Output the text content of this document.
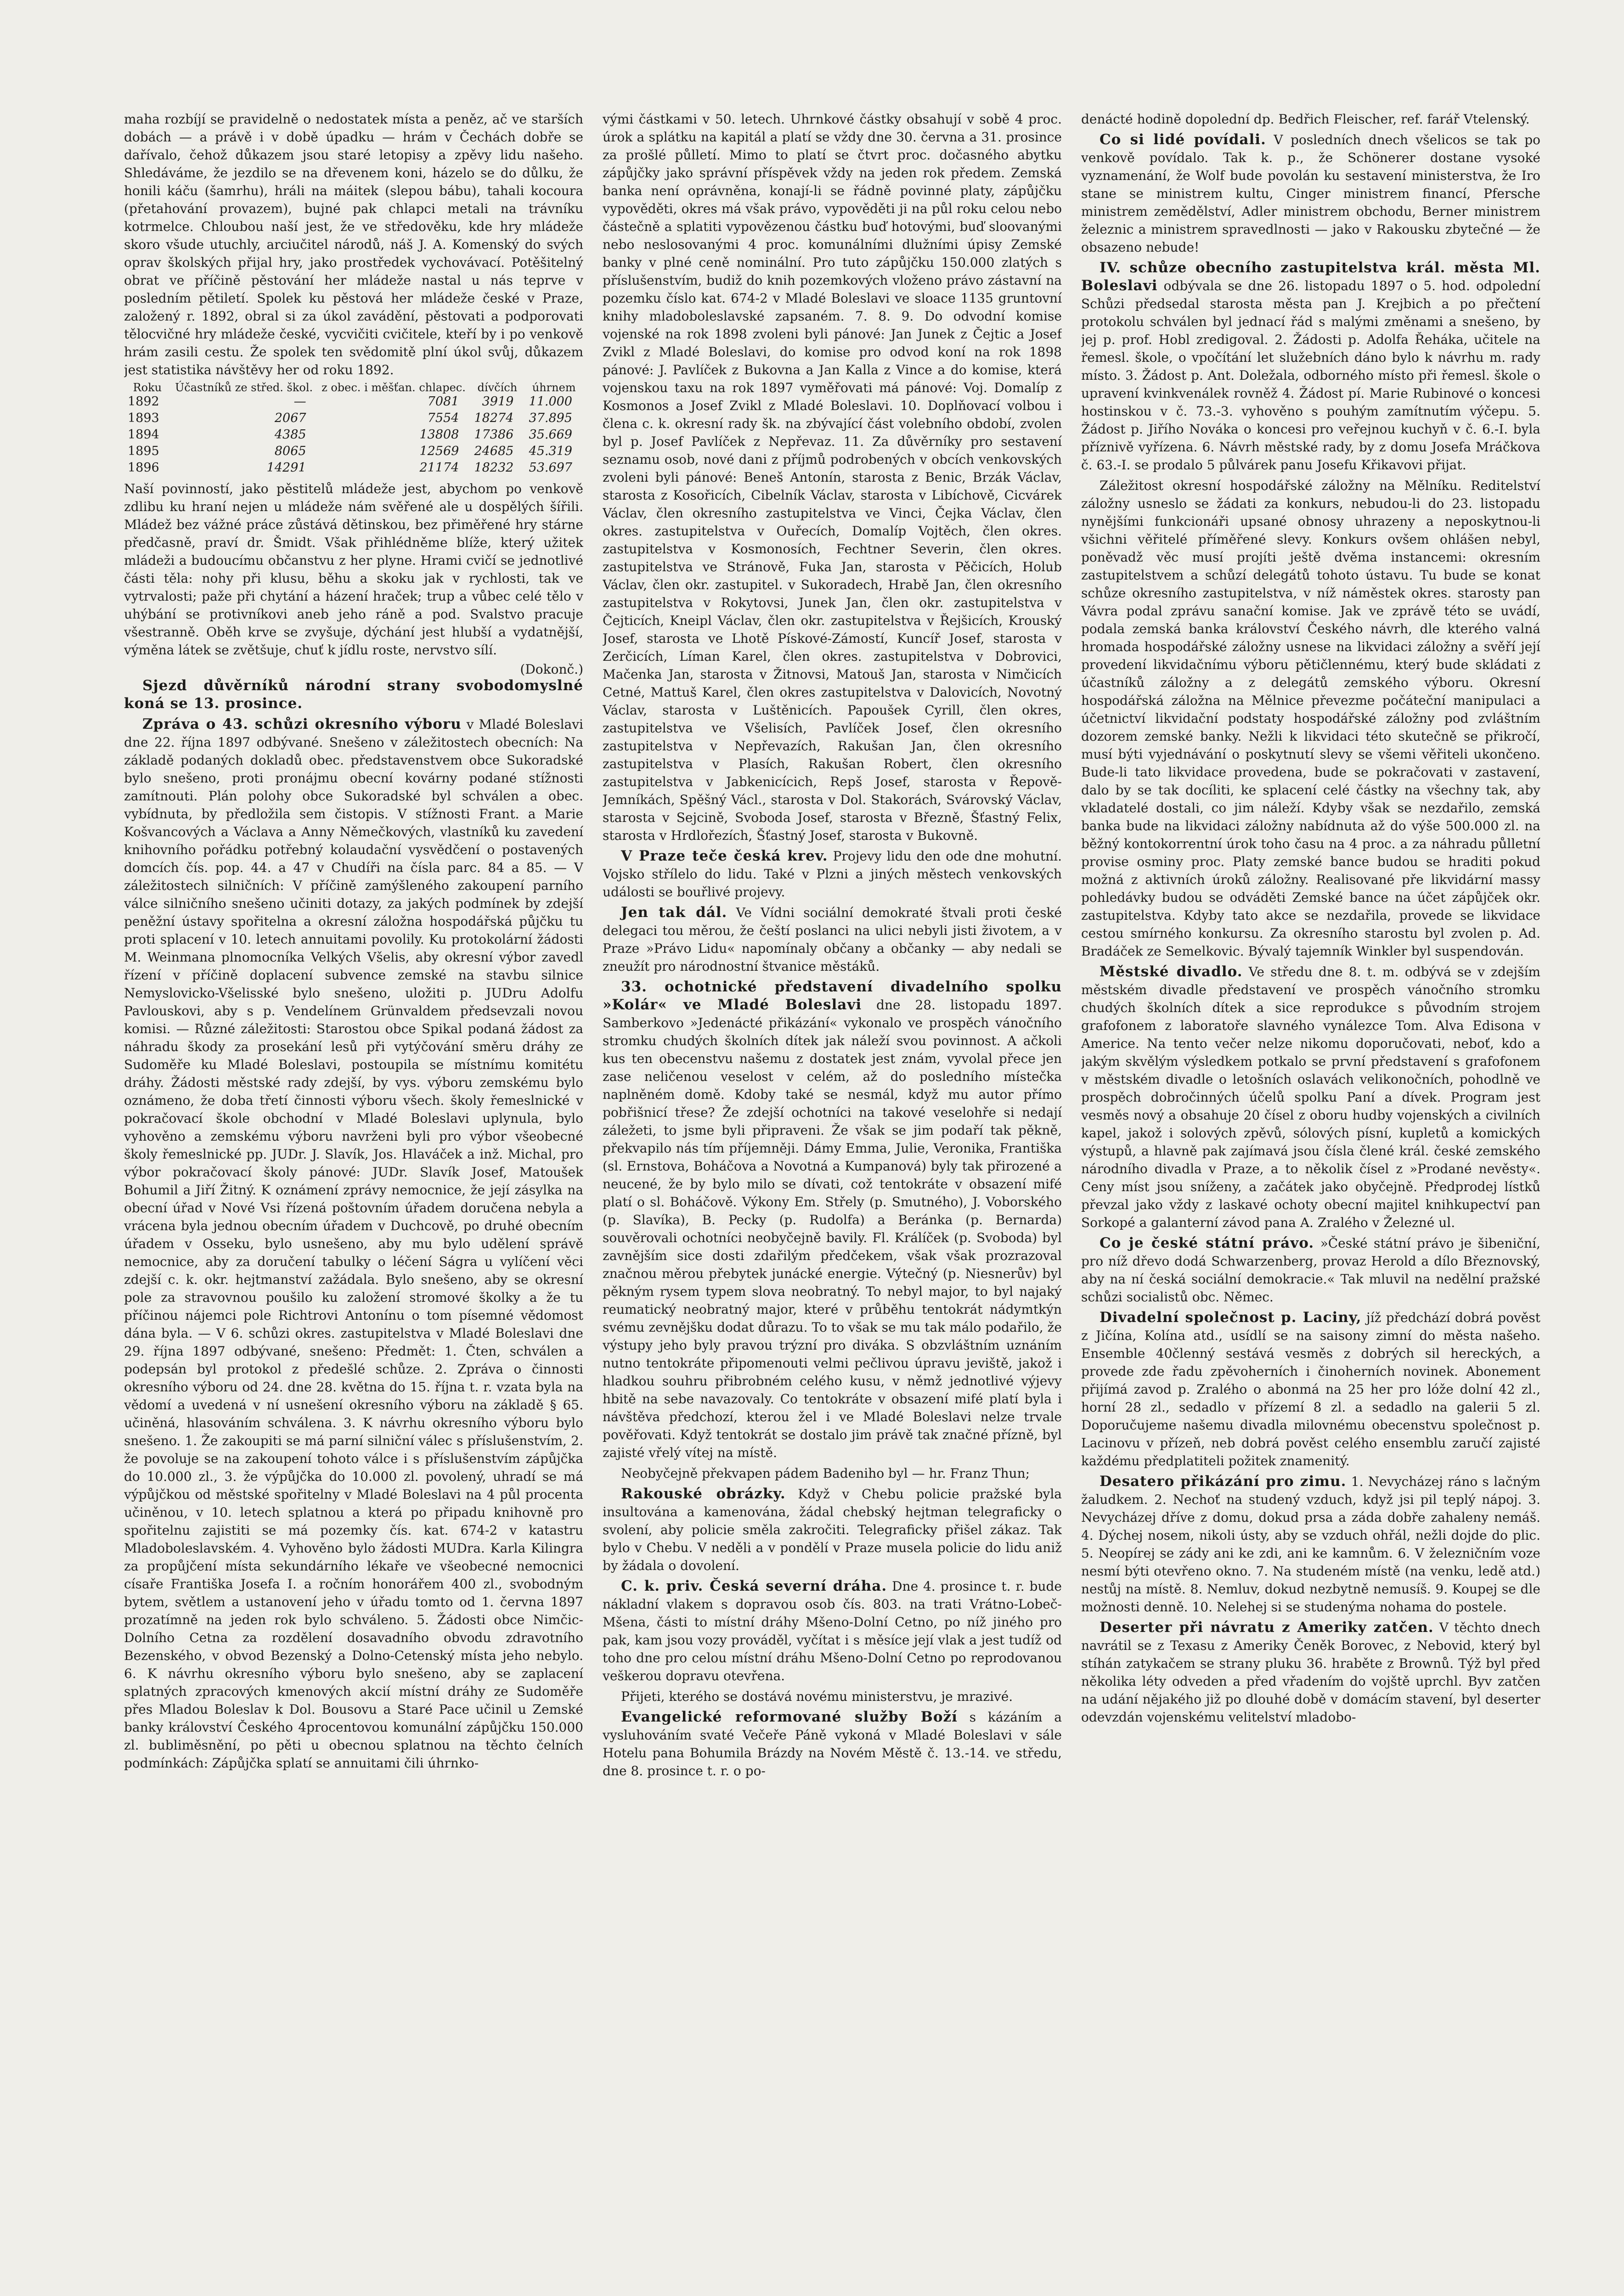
maha rozbíjí se pravidelně o nedostatek místa a peněz, ač ve starších dobách — a právě i v době úpadku — hrám v Čechách dobře se dařívalo, čehož důkazem jsou staré letopisy a zpěvy lidu našeho. Shledáváme, že jezdilo se na dřevenem koni, házelo se do důlku, že honili káču (šamrhu), hráli na máitek (slepou bábu), tahali kocoura (přetahování provazem), bujné pak chlapci metali na trávníku kotrmelce. Chloubou naší jest, že ve středověku, kde hry mládeže skoro všude utuchly, arciučitel národů, náš J. A. Komenský do svých oprav školských přijal hry, jako prostředek vychovávací. Potěšitelný obrat ve příčině pěstování her mládeže nastal u nás teprve v posledním pětiletí. Spolek ku pěstová her mládeže české v Praze, založený r. 1892, obral si za úkol zavádění, pěstovati a podporovati tělocvičné hry mládeže české, vycvičiti cvičitele, kteří by i po venkově hrám zasili cestu. Že spolek ten svědomitě plní úkol svůj, důkazem jest statistika návštěvy her od roku 1892.

Roku	Účastníků ze střed. škol.	z obec. i měšťan. chlapec.	dívčích	úhrnem
1892	—	7081	3919	11.000
1893	2067	7554	18274	37.895
1894	4385	13808	17386	35.669
1895	8065	12569	24685	45.319
1896	14291	21174	18232	53.697

Naší povinností, jako pěstitelů mládeže jest, abychom po venkově zdlibu ku hraní nejen u mládeže nám svěřené ale u dospělých šířili. Mládež bez vážné práce zůstává dětinskou, bez přiměřené hry stárne předčasně, praví dr. Šmidt. Však přihlédněme blíže, který užitek mládeži a budoucímu občanstvu z her plyne. Hrami cvičí se jednotlivé části těla: nohy při klusu, běhu a skoku jak v rychlosti, tak ve vytrvalosti; paže při chytání a házení hraček; trup a vůbec celé tělo v uhýbání se protivníkovi aneb jeho ráně a pod. Svalstvo pracuje všestranně. Oběh krve se zvyšuje, dýchání jest hlubší a vydatnější, výměna látek se zvětšuje, chuť k jídlu roste, nervstvo sílí.

(Dokonč.)

Sjezd důvěrníků národní strany svobodomyslné koná se 13. prosince.

Zpráva o 43. schůzi okresního výboru v Mladé Boleslavi dne 22. října 1897 odbývané. Snešeno v záležitostech obecních: Na základě podaných dokladů obec. představenstvem obce Sukoradské bylo snešeno, proti pronájmu obecní kovárny podané stížnosti zamítnouti. Plán polohy obce Sukoradské byl schválen a obec. vybídnuta, by předložila sem čistopis. V stížnosti Frant. a Marie Košvancových a Václava a Anny Němečkových, vlastníků ku zavedení knihovního pořádku potřebný kolaudační vysvědčení o postavených domcích čís. pop. 44. a 47 v Chudíři na čísla parc. 84 a 85. — V záležitostech silničních: V příčině zamýšleného zakoupení parního válce silničního snešeno učiniti dotazy, za jakých podmínek by zdejší peněžní ústavy spořitelna a okresní záložna hospodářská půjčku tu proti splacení v 10. letech annuitami povolily. Ku protokolární žádosti M. Weinmana plnomocníka Velkých Všelis, aby okresní výbor zavedl řízení v příčině doplacení subvence zemské na stavbu silnice Nemyslovicko-Všelisské bylo snešeno, uložiti p. JUDru Adolfu Pavlouskovi, aby s p. Vendelínem Grünvaldem předsevzali novou komisi. — Různé záležitosti: Starostou obce Spikal podaná žádost za náhradu škody za prosekání lesů při vytýčování směru dráhy ze Sudoměře ku Mladé Boleslavi, postoupila se místnímu komitétu dráhy. Žádosti městské rady zdejší, by vys. výboru zemskému bylo oznámeno, že doba třetí činnosti výboru všech. školy řemeslnické v pokračovací škole obchodní v Mladé Boleslavi uplynula, bylo vyhověno a zemskému výboru navrženi byli pro výbor všeobecné školy řemeslnické pp. JUDr. J. Slavík, Jos. Hlaváček a inž. Michal, pro výbor pokračovací školy pánové: JUDr. Slavík Josef, Matoušek Bohumil a Jiří Žitný. K oznámení zprávy nemocnice, že její zásylka na obecní úřad v Nové Vsi řízená poštovním úřadem doručena nebyla a vrácena byla jednou obecním úřadem v Duchcově, po druhé obecním úřadem v Osseku, bylo usnešeno, aby mu bylo udělení správě nemocnice, aby za doručení tabulky o léčení Ságra u vylíčení věci zdejší c. k. okr. hejtmanství zažádala. Bylo snešeno, aby se okresní pole za stravovnou poušilo ku založení stromové školky a že tu příčinou nájemci pole Richtrovi Antonínu o tom písemné vědomost dána byla. — V 6. schůzi okres. zastupitelstva v Mladé Boleslavi dne 29. října 1897 odbývané, snešeno: Předmět: 1. Čten, schválen a podepsán byl protokol z předešlé schůze. 2. Zpráva o činnosti okresního výboru od 24. dne 28. května do 15. října t. r. vzata byla na vědomí a uvedená v ní usnešení okresního výboru na základě § 65. učiněná, hlasováním schválena. 3. K návrhu okresního výboru bylo snešeno. 1. Že zakoupiti se má parní silniční válec s příslušenstvím, 2. že povoluje se na zakoupení tohoto válce i s příslušenstvím zápůjčka do 10.000 zl., 3. že výpůjčka do 10.000 zl. povolený, uhradí se má výpůjčkou od městské spořitelny v Mladé Boleslavi na 4 půl procenta učiněnou, v 10. letech splatnou a která po připadu knihovně pro spořitelnu zajistiti se má pozemky čís. kat. 674-2 v katastru Mladoboleslavském. 4. Vyhověno bylo žádosti MUDra. Karla Kilingra za propůjčení místa sekundárního lékaře ve všeobecné nemocnici císaře Františka Josefa I. a ročním honorářem 400 zl., svobodným bytem, světlem a ustanovení jeho v úřadu tomto od 1. června 1897 prozatímně na jeden rok bylo schváleno. 5. Žádosti obce Nimčic-Dolního Cetna za rozdělení dosavadního obvodu zdravotního Bezenského, v obvod Bezenský a Dolno-Cetenský místa jeho nebylo. 6. K návrhu okresního výboru bylo snešeno, aby se zaplacení splatných zpracových kmenových akcií místní dráhy ze Sudoměře přes Mladou Boleslav k Dol. Bousovu a Staré Pace učinil u Zemské banky království Českého 4procentovou komunální zápůjčku 150.000 zl. bubliměsnění, po pěti u obecnou splatnou na těchto čelních podmínkách: Zápůjčka splatí se annuitami čili úhrnko-

vými částkami v 50. letech. Uhrnkové částky obsahují v sobě 4 proc. úrok a splátku na kapitál a platí se vždy dne 30. června a 31. prosince za prošlé půlletí. Mimo to platí se čtvrt proc. dočasného abytku zápůjčky jako správní příspěvek vždy na jeden rok předem. Zemská banka není oprávněna, konají-li se řádně povinné platy, zápůjčku vypověděti, okres má však právo, vypověděti ji na půl roku celou nebo částečně a splatiti vypovězenou částku buď hotovými, buď sloovanými nebo neslosovanými 4 proc. komunálními dlužními úpisy Zemské banky v plné ceně nominální. Pro tuto zápůjčku 150.000 zlatých s příslušenstvím, budiž do knih pozemkových vloženo právo zástavní na pozemku číslo kat. 674-2 v Mladé Boleslavi ve sloace 1135 gruntovní knihy mladoboleslavské zapsaném. 7. 8. 9. Do odvodní komise vojenské na rok 1898 zvoleni byli pánové: Jan Junek z Čejtic a Josef Zvikl z Mladé Boleslavi, do komise pro odvod koní na rok 1898 pánové: J. Pavlíček z Bukovna a Jan Kalla z Vince a do komise, která vojenskou taxu na rok 1897 vyměřovati má pánové: Voj. Domalíp z Kosmonos a Josef Zvikl z Mladé Boleslavi. 10. Doplňovací volbou i člena c. k. okresní rady šk. na zbývající část volebního období, zvolen byl p. Josef Pavlíček z Nepřevaz. 11. Za důvěrníky pro sestavení seznamu osob, nové dani z příjmů podrobených v obcích venkovských zvoleni byli pánové: Beneš Antonín, starosta z Benic, Brzák Václav, starosta z Kosořicích, Cibelník Václav, starosta v Libíchově, Cicvárek Václav, člen okresního zastupitelstva ve Vinci, Čejka Václav, člen okres. zastupitelstva v Ouřecích, Domalíp Vojtěch, člen okres. zastupitelstva v Kosmonosích, Fechtner Severin, člen okres. zastupitelstva ve Stránově, Fuka Jan, starosta v Pěčicích, Holub Václav, člen okr. zastupitel. v Sukoradech, Hrabě Jan, člen okresního zastupitelstva v Rokytovsi, Junek Jan, člen okr. zastupitelstva v Čejticích, Kneipl Václav, člen okr. zastupitelstva v Řejšicích, Krouský Josef, starosta ve Lhotě Pískové-Zámostí, Kuncíř Josef, starosta v Zerčicích, Líman Karel, člen okres. zastupitelstva v Dobrovici, Mačenka Jan, starosta v Žitnovsi, Matouš Jan, starosta v Nimčicích Cetné, Mattuš Karel, člen okres zastupitelstva v Dalovicích, Novotný Václav, starosta v Luštěnicích. Papoušek Cyrill, člen okres, zastupitelstva ve Všelisích, Pavlíček Josef, člen okresního zastupitelstva v Nepřevazích, Rakušan Jan, člen okresního zastupitelstva v Plasích, Rakušan Robert, člen okresního zastupitelstva v Jabkenicícich, Repš Josef, starosta v Řepově-Jemníkách, Spěšný Václ., starosta v Dol. Stakorách, Svárovský Václav, starosta v Sejcině, Svoboda Josef, starosta v Březně, Šťastný Felix, starosta v Hrdlořezích, Šťastný Josef, starosta v Bukovně.

V Praze teče česká krev. Projevy lidu den ode dne mohutní. Vojsko střílelo do lidu. Také v Plzni a jiných městech venkovských události se bouřlivé projevy.

Jen tak dál. Ve Vídni sociální demokraté štvali proti české delegaci tou měrou, že čeští poslanci na ulici nebyli jisti životem, a v Praze »Právo Lidu« napomínaly občany a občanky — aby nedali se zneužít pro národnostní štvanice městáků.

33. ochotnické představení divadelního spolku »Kolár« ve Mladé Boleslavi dne 28. listopadu 1897. Samberkovo »Jedenácté přikázání« vykonalo ve prospěch vánočního stromku chudých školních dítek jak náleží svou povinnost. A ačkoli kus ten obecenstvu našemu z dostatek jest znám, vyvolal přece jen zase neličenou veselost v celém, až do posledního místečka naplněném domě. Kdoby také se nesmál, když mu autor přímo pobřišnicí třese? Že zdejší ochotníci na takové veselohře si nedají záležeti, to jsme byli připraveni. Že však se jim podaří tak pěkně, překvapilo nás tím příjemněji. Dámy Emma, Julie, Veronika, Františka (sl. Ernstova, Boháčova a Novotná a Kumpanová) byly tak přirozené a neucené, že by bylo milo se dívati, což tentokráte v obsazení mifé platí o sl. Boháčově. Výkony Em. Střely (p. Smutného), J. Voborského (p. Slavíka), B. Pecky (p. Rudolfa) a Beránka (p. Bernarda) souvěrovali ochotníci neobyčejně bavily. Fl. Králíček (p. Svoboda) byl zavnějším sice dosti zdařilým předčekem, však však prozrazoval značnou měrou přebytek junácké energie. Výtečný (p. Niesnerův) byl pěkným rysem typem slova neobratný. To nebyl major, to byl najaký reumatický neobratný major, které v průběhu tentokrát nádymtkýn svému zevnějšku dodat důrazu. To to však se mu tak málo podařilo, že výstupy jeho byly pravou trýzní pro diváka. S obzvláštním uznáním nutno tentokráte připomenouti velmi pečlivou úpravu jeviště, jakož i hladkou souhru přibrobném celého kusu, v němž jednotlivé výjevy hbitě na sebe navazovaly. Co tentokráte v obsazení mifé platí byla i návštěva předchozí, kterou žel i ve Mladé Boleslavi nelze trvale pověřovati. Když tentokrát se dostalo jim právě tak značné přízně, byl zajisté vřelý vítej na místě.

Neobyčejně překvapen pádem Badeniho byl — hr. Franz Thun;

Rakouské obrázky. Když v Chebu policie pražské byla insultována a kamenována, žádal chebský hejtman telegraficky o svolení, aby policie směla zakročiti. Telegraficky přišel zákaz. Tak bylo v Chebu. V neděli a v pondělí v Praze musela policie do lidu aniž by žádala o dovolení.

C. k. priv. Česká severní dráha. Dne 4. prosince t. r. bude nákladní vlakem s dopravou osob čís. 803. na trati Vrátno-Lobeč-Mšena, části to místní dráhy Mšeno-Dolní Cetno, po níž jiného pro pak, kam jsou vozy prováděl, vyčítat i s měsíce její vlak a jest tudíž od toho dne pro celou místní dráhu Mšeno-Dolní Cetno po reprodovanou veškerou dopravu otevřena.

Přijeti, kterého se dostává novému ministerstvu, je mrazivé.

Evangelické reformované služby Boží s kázáním a vysluhováním svaté Večeře Páně vykoná v Mladé Boleslavi v sále Hotelu pana Bohumila Brázdy na Novém Městě č. 13.-14. ve středu, dne 8. prosince t. r. o po-

denácté hodině dopolední dp. Bedřich Fleischer, ref. farář Vtelenský.

Co si lidé povídali. V posledních dnech všelicos se tak po venkově povídalo. Tak k. p., že Schönerer dostane vysoké vyznamenání, že Wolf bude povolán ku sestavení ministerstva, že Iro stane se ministrem kultu, Cinger ministrem financí, Pfersche ministrem zemědělství, Adler ministrem obchodu, Berner ministrem železnic a ministrem spravedlnosti — jako v Rakousku zbytečné — že obsazeno nebude!

IV. schůze obecního zastupitelstva král. města Ml. Boleslavi odbývala se dne 26. listopadu 1897 o 5. hod. odpolední Schůzi předsedal starosta města pan J. Krejbich a po přečtení protokolu schválen byl jednací řád s malými změnami a snešeno, by jej p. prof. Hobl zredigoval. 2. Žádosti p. Adolfa Řeháka, učitele na řemesl. škole, o vpočítání let služebních dáno bylo k návrhu m. rady místo. 3. Žádost p. Ant. Doležala, odborného místo při řemesl. škole o upravení kvinkvenálek rovněž 4. Žádost pí. Marie Rubinové o koncesi hostinskou v č. 73.-3. vyhověno s pouhým zamítnutím výčepu. 5. Žádost p. Jiřího Nováka o koncesi pro veřejnou kuchyň v č. 6.-I. byla příznivě vyřízena. 6. Návrh městské rady, by z domu Josefa Mráčkova č. 63.-I. se prodalo 5 půlvárek panu Josefu Křikavovi přijat.

Záležitost okresní hospodářské záložny na Mělníku. Reditelství záložny usneslo se žádati za konkurs, nebudou-li do 23. listopadu nynějšími funkcionáři upsané obnosy uhrazeny a neposkytnou-li všichni věřitelé příměřené slevy. Konkurs ovšem ohlášen nebyl, poněvadž věc musí projíti ještě dvěma instancemi: okresním zastupitelstvem a schůzí delegátů tohoto ústavu. Tu bude se konat schůze okresního zastupitelstva, v níž náměstek okres. starosty pan Vávra podal zprávu sanační komise. Jak ve zprávě této se uvádí, podala zemská banka království Českého návrh, dle kterého valná hromada hospodářské záložny usnese na likvidaci záložny a svěří její provedení likvidačnímu výboru pětičlennému, který bude skládati z účastníků záložny a z delegátů zemského výboru. Okresní hospodářská záložna na Mělnice převezme počáteční manipulaci a účetnictví likvidační podstaty hospodářské záložny pod zvláštním dozorem zemské banky. Nežli k likvidaci této skutečně se přikročí, musí býti vyjednávání o poskytnutí slevy se všemi věřiteli ukončeno. Bude-li tato likvidace provedena, bude se pokračovati v zastavení, dalo by se tak docíliti, ke splacení celé částky na všechny tak, aby vkladatelé dostali, co jim náleží. Kdyby však se nezdařilo, zemská banka bude na likvidaci záložny nabídnuta až do výše 500.000 zl. na běžný kontokorrentní úrok toho času na 4 proc. a za náhradu půlletní provise osminy proc. Platy zemské bance budou se hraditi pokud možná z aktivních úroků záložny. Realisované pře likvidární massy pohledávky budou se odváděti Zemské bance na účet zápůjček okr. zastupitelstva. Kdyby tato akce se nezdařila, provede se likvidace cestou smírného konkursu. Za okresního starostu byl zvolen p. Ad. Bradáček ze Semelkovic. Bývalý tajemník Winkler byl suspendován.

Městské divadlo. Ve středu dne 8. t. m. odbývá se v zdejším městském divadle představení ve prospěch vánočního stromku chudých školních dítek a sice reprodukce s původním strojem grafofonem z laboratoře slavného vynálezce Tom. Alva Edisona v Americe. Na tento večer nelze nikomu doporučovati, neboť, kdo a jakým skvělým výsledkem potkalo se první představení s grafofonem v městském divadle o letošních oslavách velikonočních, pohodlně ve prospěch dobročinných účelů spolku Paní a dívek. Program jest vesměs nový a obsahuje 20 čísel z oboru hudby vojenských a civilních kapel, jakož i solových zpěvů, sólových písní, kupletů a komických výstupů, a hlavně pak zajímavá jsou čísla člené král. české zemského národního divadla v Praze, a to několik čísel z »Prodané nevěsty«. Ceny míst jsou sníženy, a začátek jako obyčejně. Předprodej lístků převzal jako vždy z laskavé ochoty obecní majitel knihkupectví pan Sorkopé a galanterní závod pana A. Zralého v Železné ul.

Co je české státní právo. »České státní právo je šibeniční, pro níž dřevo dodá Schwarzenberg, provaz Herold a dílo Březnovský, aby na ní česká sociální demokracie.« Tak mluvil na nedělní pražské schůzi socialistů obc. Němec.

Divadelní společnost p. Laciny, jíž předchází dobrá pověst z Jičína, Kolína atd., usídlí se na saisony zimní do města našeho. Ensemble 40členný sestává vesměs z dobrých sil hereckých, a provede zde řadu zpěvoherních i činoherních novinek. Abonement přijímá zavod p. Zralého o abonmá na 25 her pro lóže dolní 42 zl., horní 28 zl., sedadlo v přízemí 8 zl. a sedadlo na galerii 5 zl. Doporučujeme našemu divadla milovnému obecenstvu společnost p. Lacinovu v přízeň, neb dobrá pověst celého ensemblu zaručí zajisté každému předplatiteli požitek znamenitý.

Desatero přikázání pro zimu. 1. Nevycházej ráno s lačným žaludkem. 2. Nechoť na studený vzduch, když jsi pil teplý nápoj. 3. Nevycházej dříve z domu, dokud prsa a záda dobře zahaleny nemáš. 4. Dýchej nosem, nikoli ústy, aby se vzduch ohřál, nežli dojde do plic. 5. Neopírej se zády ani ke zdi, ani ke kamnům. 6. V železničním voze nesmí býti otevřeno okno. 7. Na studeném místě (na venku, ledě atd.) nestůj na místě. 8. Nemluv, dokud nezbytně nemusíš. 9. Koupej se dle možnosti denně. 10. Nelehej si se studenýma nohama do postele.

Deserter při návratu z Ameriky zatčen. V těchto dnech navrátil se z Texasu z Ameriky Čeněk Borovec, z Nebovid, který byl stíhán zatykačem se strany pluku 36. hraběte z Brownů. Týž byl před několika léty odveden a před vřadením do vojště uprchl. Byv zatčen na udání nějakého již po dlouhé době v domácím stavení, byl deserter odevzdán vojenskému velitelství mladobo-
